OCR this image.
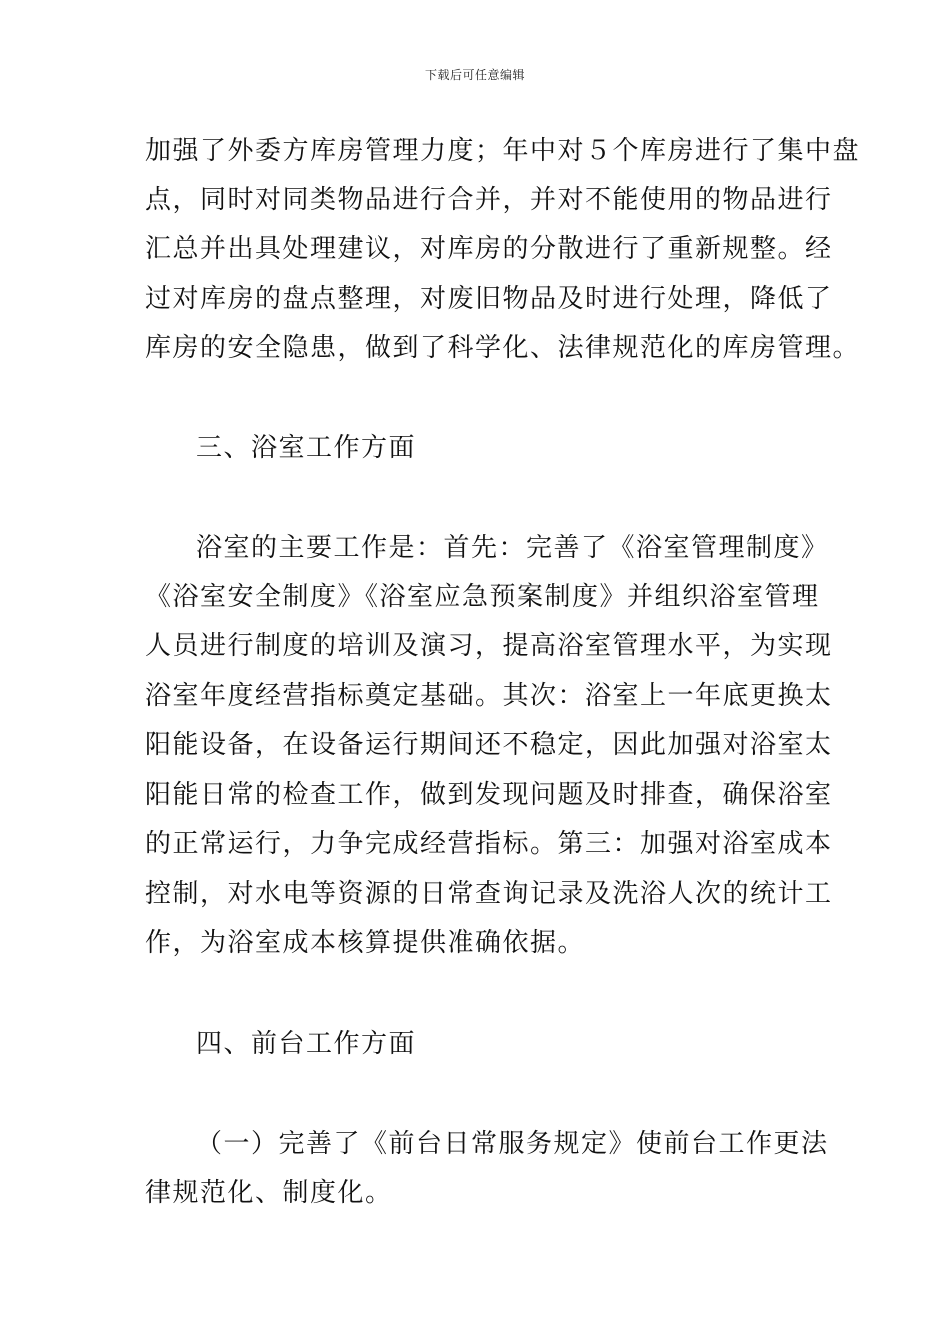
下载后可任意编辑
加强了外委方库房管理力度；年中对５个库房进行了集中盘
点，同时对同类物品进行合并，并对不能使用的物品进行
汇总并出具处理建议，对库房的分散进行了重新规整。经
过对库房的盘点整理，对废旧物品及时进行处理，降低了
库房的安全隐患，做到了科学化、法律规范化的库房管理。
三、浴室工作方面
浴室的主要工作是：首先：完善了《浴室管理制度》
《浴室安全制度》《浴室应急预案制度》并组织浴室管理
人员进行制度的培训及演习，提高浴室管理水平，为实现
浴室年度经营指标奠定基础。其次：浴室上一年底更换太
阳能设备，在设备运行期间还不稳定，因此加强对浴室太
阳能日常的检查工作，做到发现问题及时排查，确保浴室
的正常运行，力争完成经营指标。第三：加强对浴室成本
控制，对水电等资源的日常查询记录及洗浴人次的统计工
作，为浴室成本核算提供准确依据。
四、前台工作方面
（一）完善了《前台日常服务规定》使前台工作更法
律规范化、制度化。
